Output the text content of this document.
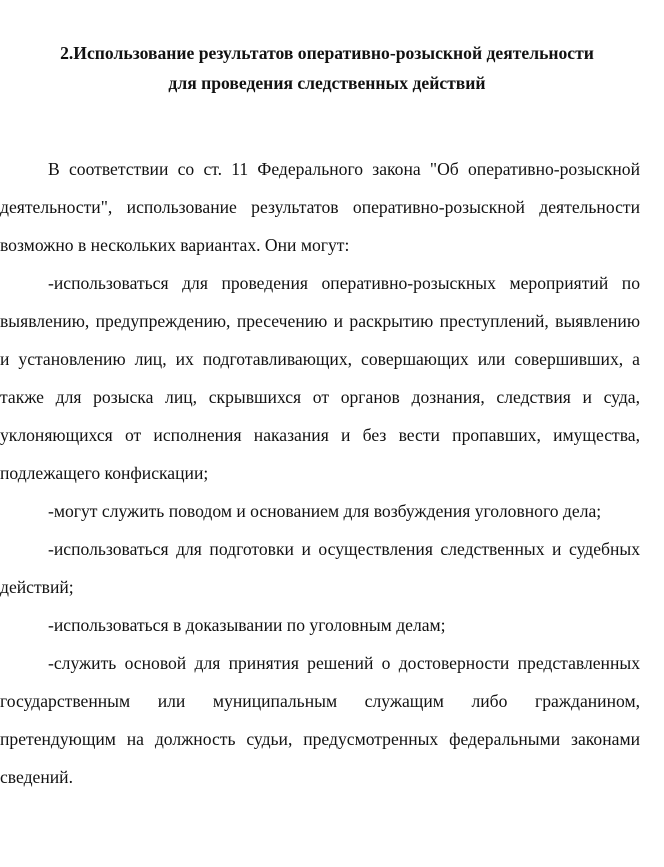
2.Использование результатов оперативно-розыскной деятельности
для проведения следственных действий

В соответствии со ст. 11 Федерального закона "Об оперативно-розыскной деятельности", использование результатов оперативно-розыскной деятельности возможно в нескольких вариантах. Они могут:

-использоваться для проведения оперативно-розыскных мероприятий по выявлению, предупреждению, пресечению и раскрытию преступлений, выявлению и установлению лиц, их подготавливающих, совершающих или совершивших, а также для розыска лиц, скрывшихся от органов дознания, следствия и суда, уклоняющихся от исполнения наказания и без вести пропавших, имущества, подлежащего конфискации;

-могут служить поводом и основанием для возбуждения уголовного дела;

-использоваться для подготовки и осуществления следственных и судебных действий;

-использоваться в доказывании по уголовным делам;

-служить основой для принятия решений о достоверности представленных государственным или муниципальным служащим либо гражданином, претендующим на должность судьи, предусмотренных федеральными законами сведений.
